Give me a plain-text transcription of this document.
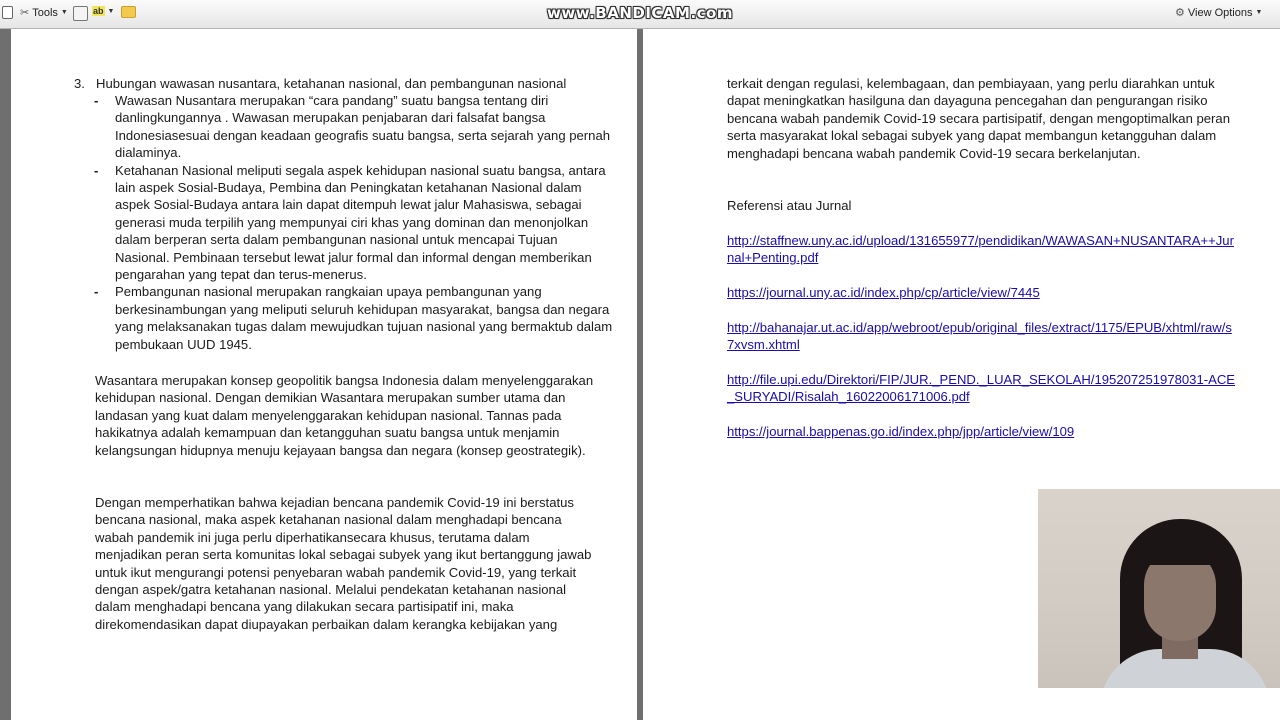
✂ Tools ▼	ab ▼	www.BANDICAM.com	⚙ View Options ▼
3. Hubungan wawasan nusantara, ketahanan nasional, dan pembangunan nasional
- Wawasan Nusantara merupakan “cara pandang” suatu bangsa tentang diri danlingkungannya . Wawasan merupakan penjabaran dari falsafat bangsa Indonesiasesuai dengan keadaan geografis suatu bangsa, serta sejarah yang pernah dialaminya.

- Ketahanan Nasional meliputi segala aspek kehidupan nasional suatu bangsa, antara lain aspek Sosial-Budaya, Pembina dan Peningkatan ketahanan Nasional dalam aspek Sosial-Budaya antara lain dapat ditempuh lewat jalur Mahasiswa, sebagai generasi muda terpilih yang mempunyai ciri khas yang dominan dan menonjolkan dalam berperan serta dalam pembangunan nasional untuk mencapai Tujuan Nasional. Pembinaan tersebut lewat jalur formal dan informal dengan memberikan pengarahan yang tepat dan terus-menerus.

- Pembangunan nasional merupakan rangkaian upaya pembangunan yang berkesinambungan yang meliputi seluruh kehidupan masyarakat, bangsa dan negara yang melaksanakan tugas dalam mewujudkan tujuan nasional yang bermaktub dalam pembukaan UUD 1945.

Wasantara merupakan konsep geopolitik bangsa Indonesia dalam menyelenggarakan kehidupan nasional. Dengan demikian Wasantara merupakan sumber utama dan landasan yang kuat dalam menyelenggarakan kehidupan nasional. Tannas pada hakikatnya adalah kemampuan dan ketangguhan suatu bangsa untuk menjamin kelangsungan hidupnya menuju kejayaan bangsa dan negara (konsep geostrategik).

Dengan memperhatikan bahwa kejadian bencana pandemik Covid-19 ini berstatus bencana nasional, maka aspek ketahanan nasional dalam menghadapi bencana wabah pandemik ini juga perlu diperhatikansecara khusus, terutama dalam menjadikan peran serta komunitas lokal sebagai subyek yang ikut bertanggung jawab untuk ikut mengurangi potensi penyebaran wabah pandemik Covid-19, yang terkait dengan aspek/gatra ketahanan nasional. Melalui pendekatan ketahanan nasional dalam menghadapi bencana yang dilakukan secara partisipatif ini, maka direkomendasikan dapat diupayakan perbaikan dalam kerangka kebijakan yang

terkait dengan regulasi, kelembagaan, dan pembiayaan, yang perlu diarahkan untuk dapat meningkatkan hasilguna dan dayaguna pencegahan dan pengurangan risiko bencana wabah pandemik Covid-19 secara partisipatif, dengan mengoptimalkan peran serta masyarakat lokal sebagai subyek yang dapat membangun ketangguhan dalam menghadapi bencana wabah pandemik Covid-19 secara berkelanjutan.

Referensi atau Jurnal

http://staffnew.uny.ac.id/upload/131655977/pendidikan/WAWASAN+NUSANTARA++Jurnal+Penting.pdf

https://journal.uny.ac.id/index.php/cp/article/view/7445

http://bahanajar.ut.ac.id/app/webroot/epub/original_files/extract/1175/EPUB/xhtml/raw/s7xvsm.xhtml

http://file.upi.edu/Direktori/FIP/JUR._PEND._LUAR_SEKOLAH/195207251978031-ACE_SURYADI/Risalah_16022006171006.pdf

https://journal.bappenas.go.id/index.php/jpp/article/view/109
